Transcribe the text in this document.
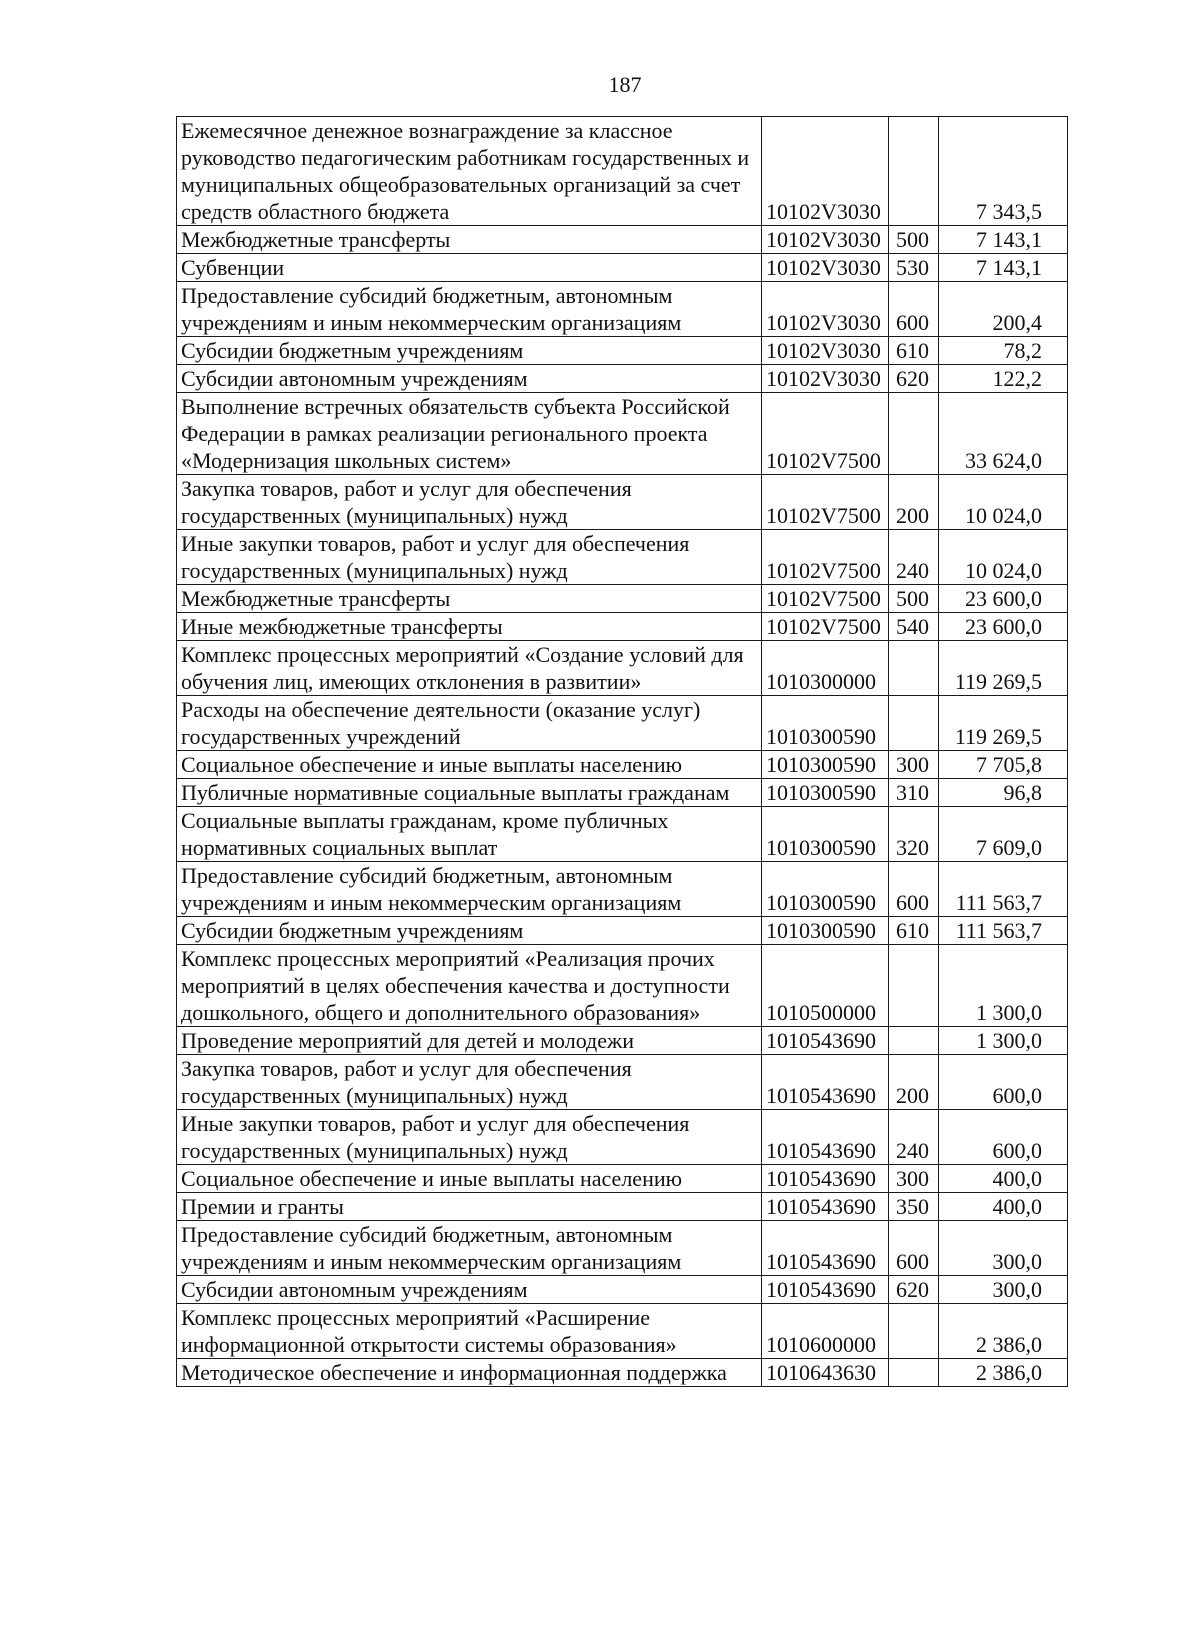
187
Ежемесячное денежное вознаграждение за классное руководство педагогическим работникам государственных и муниципальных общеобразовательных организаций за счет средств областного бюджета	10102V3030		7 343,5
Межбюджетные трансферты	10102V3030	500	7 143,1
Субвенции	10102V3030	530	7 143,1
Предоставление субсидий бюджетным, автономным учреждениям и иным некоммерческим организациям	10102V3030	600	200,4
Субсидии бюджетным учреждениям	10102V3030	610	78,2
Субсидии автономным учреждениям	10102V3030	620	122,2
Выполнение встречных обязательств субъекта Российской Федерации в рамках реализации регионального проекта «Модернизация школьных систем»	10102V7500		33 624,0
Закупка товаров, работ и услуг для обеспечения государственных (муниципальных) нужд	10102V7500	200	10 024,0
Иные закупки товаров, работ и услуг для обеспечения государственных (муниципальных) нужд	10102V7500	240	10 024,0
Межбюджетные трансферты	10102V7500	500	23 600,0
Иные межбюджетные трансферты	10102V7500	540	23 600,0
Комплекс процессных мероприятий «Создание условий для обучения лиц, имеющих отклонения в развитии»	1010300000		119 269,5
Расходы на обеспечение деятельности (оказание услуг) государственных учреждений	1010300590		119 269,5
Социальное обеспечение и иные выплаты населению	1010300590	300	7 705,8
Публичные нормативные социальные выплаты гражданам	1010300590	310	96,8
Социальные выплаты гражданам, кроме публичных нормативных социальных выплат	1010300590	320	7 609,0
Предоставление субсидий бюджетным, автономным учреждениям и иным некоммерческим организациям	1010300590	600	111 563,7
Субсидии бюджетным учреждениям	1010300590	610	111 563,7
Комплекс процессных мероприятий «Реализация прочих мероприятий в целях обеспечения качества и доступности дошкольного, общего и дополнительного образования»	1010500000		1 300,0
Проведение мероприятий для детей и молодежи	1010543690		1 300,0
Закупка товаров, работ и услуг для обеспечения государственных (муниципальных) нужд	1010543690	200	600,0
Иные закупки товаров, работ и услуг для обеспечения государственных (муниципальных) нужд	1010543690	240	600,0
Социальное обеспечение и иные выплаты населению	1010543690	300	400,0
Премии и гранты	1010543690	350	400,0
Предоставление субсидий бюджетным, автономным учреждениям и иным некоммерческим организациям	1010543690	600	300,0
Субсидии автономным учреждениям	1010543690	620	300,0
Комплекс процессных мероприятий «Расширение информационной открытости системы образования»	1010600000		2 386,0
Методическое обеспечение и информационная поддержка	1010643630		2 386,0
